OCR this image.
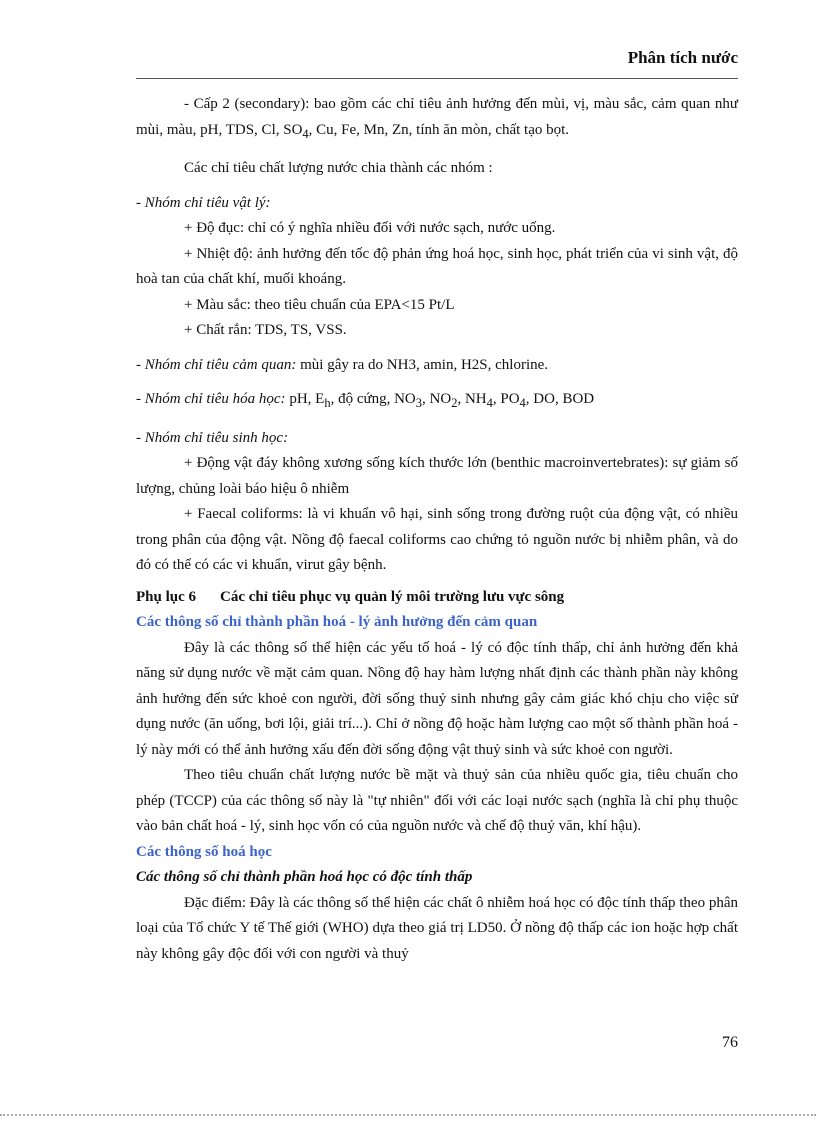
Phân tích nước

- Cấp 2 (secondary): bao gồm các chỉ tiêu ảnh hưởng đến mùi, vị, màu sắc, cảm quan như mùi, màu, pH, TDS, Cl, $SO_4$, Cu, Fe, Mn, Zn, tính ăn mòn, chất tạo bọt.

Các chỉ tiêu chất lượng nước chia thành các nhóm :

- Nhóm chỉ tiêu vật lý:

+ Độ đục: chỉ có ý nghĩa nhiều đối với nước sạch, nước uống.

+ Nhiệt độ: ảnh hưởng đến tốc độ phản ứng hoá học, sinh học, phát triển của vi sinh vật, độ hoà tan của chất khí, muối khoáng.

+ Màu sắc: theo tiêu chuẩn của EPA<15 Pt/L

+ Chất rắn: TDS, TS, VSS.

- Nhóm chỉ tiêu cảm quan: mùi gây ra do NH3, amin, H2S, chlorine.

- Nhóm chỉ tiêu hóa học: pH, $E_h$, độ cứng, $NO_3$, $NO_2$, $NH_4$, $PO_4$, DO, BOD

- Nhóm chỉ tiêu sinh học:

+ Động vật đáy không xương sống kích thước lớn (benthic macroinvertebrates): sự giảm số lượng, chủng loài báo hiệu ô nhiễm

+ Faecal coliforms: là vi khuẩn vô hại, sinh sống trong đường ruột của động vật, có nhiều trong phân của động vật. Nồng độ faecal coliforms cao chứng tỏ nguồn nước bị nhiễm phân, và do đó có thể có các vi khuẩn, virut gây bệnh.

Phụ lục 6 Các chỉ tiêu phục vụ quản lý môi trường lưu vực sông

Các thông số chỉ thành phần hoá - lý ảnh hưởng đến cảm quan

Đây là các thông số thể hiện các yếu tố hoá - lý có độc tính thấp, chỉ ảnh hưởng đến khả năng sử dụng nước về mặt cảm quan. Nồng độ hay hàm lượng nhất định các thành phần này không ảnh hưởng đến sức khoẻ con người, đời sống thuỷ sinh nhưng gây cảm giác khó chịu cho việc sử dụng nước (ăn uống, bơi lội, giải trí...). Chỉ ở nồng độ hoặc hàm lượng cao một số thành phần hoá - lý này mới có thể ảnh hưởng xấu đến đời sống động vật thuỷ sinh và sức khoẻ con người.

Theo tiêu chuẩn chất lượng nước bề mặt và thuỷ sản của nhiều quốc gia, tiêu chuẩn cho phép (TCCP) của các thông số này là "tự nhiên" đối với các loại nước sạch (nghĩa là chỉ phụ thuộc vào bản chất hoá - lý, sinh học vốn có của nguồn nước và chế độ thuỷ văn, khí hậu).

Các thông số hoá học

Các thông số chỉ thành phần hoá học có độc tính thấp

Đặc điểm: Đây là các thông số thể hiện các chất ô nhiễm hoá học có độc tính thấp theo phân loại của Tổ chức Y tế Thế giới (WHO) dựa theo giá trị LD50. Ở nồng độ thấp các ion hoặc hợp chất này không gây độc đối với con người và thuỷ

76
